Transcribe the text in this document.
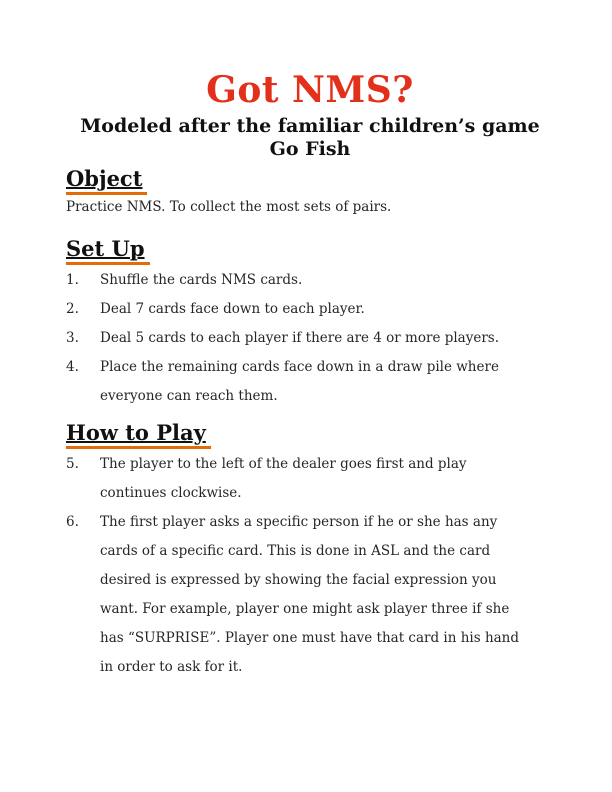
Got NMS?
Modeled after the familiar children’s game
Go Fish
Object
Practice NMS. To collect the most sets of pairs.
Set Up
1.	Shuffle the cards NMS cards.
2.	Deal 7 cards face down to each player.
3.	Deal 5 cards to each player if there are 4 or more players.
4.	Place the remaining cards face down in a draw pile where
everyone can reach them.
How to Play
5.	The player to the left of the dealer goes first and play
continues clockwise.
6.	The first player asks a specific person if he or she has any
cards of a specific card. This is done in ASL and the card
desired is expressed by showing the facial expression you
want. For example, player one might ask player three if she
has “SURPRISE”. Player one must have that card in his hand
in order to ask for it.
